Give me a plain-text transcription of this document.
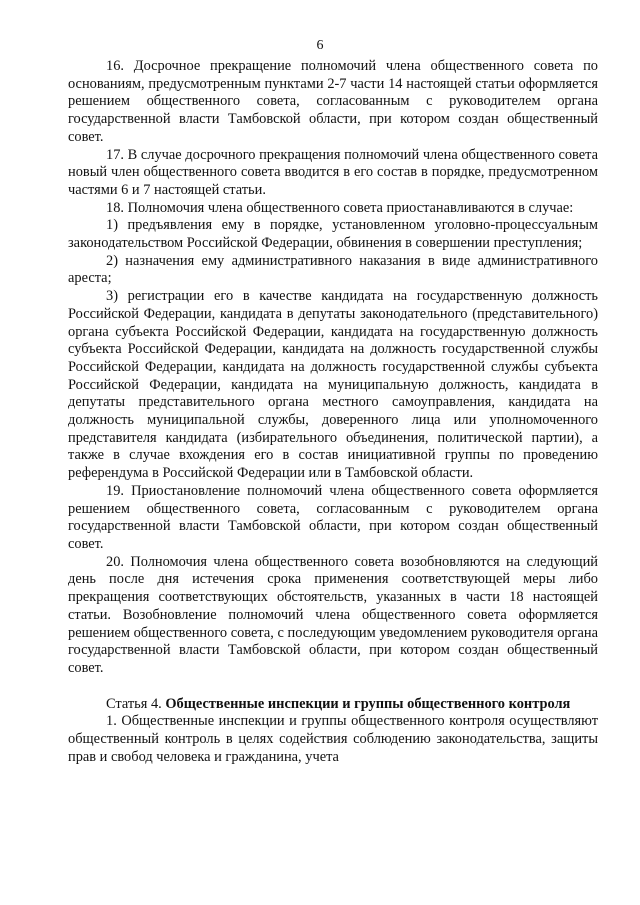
6

16. Досрочное прекращение полномочий члена общественного совета по основаниям, предусмотренным пунктами 2-7 части 14 настоящей статьи оформляется решением общественного совета, согласованным с руководителем органа государственной власти Тамбовской области, при котором создан общественный совет.

17. В случае досрочного прекращения полномочий члена общественного совета новый член общественного совета вводится в его состав в порядке, предусмотренном частями 6 и 7 настоящей статьи.

18. Полномочия члена общественного совета приостанавливаются в случае:

1) предъявления ему в порядке, установленном уголовно-процессуальным законодательством Российской Федерации, обвинения в совершении преступления;

2) назначения ему административного наказания в виде административного ареста;

3) регистрации его в качестве кандидата на государственную должность Российской Федерации, кандидата в депутаты законодательного (представительного) органа субъекта Российской Федерации, кандидата на государственную должность субъекта Российской Федерации, кандидата на должность государственной службы Российской Федерации, кандидата на должность государственной службы субъекта Российской Федерации, кандидата на муниципальную должность, кандидата в депутаты представительного органа местного самоуправления, кандидата на должность муниципальной службы, доверенного лица или уполномоченного представителя кандидата (избирательного объединения, политической партии), а также в случае вхождения его в состав инициативной группы по проведению референдума в Российской Федерации или в Тамбовской области.

19. Приостановление полномочий члена общественного совета оформляется решением общественного совета, согласованным с руководителем органа государственной власти Тамбовской области, при котором создан общественный совет.

20. Полномочия члена общественного совета возобновляются на следующий день после дня истечения срока применения соответствующей меры либо прекращения соответствующих обстоятельств, указанных в части 18 настоящей статьи. Возобновление полномочий члена общественного совета оформляется решением общественного совета, с последующим уведомлением руководителя органа государственной власти Тамбовской области, при котором создан общественный совет.

Статья 4. Общественные инспекции и группы общественного контроля

1. Общественные инспекции и группы общественного контроля осуществляют общественный контроль в целях содействия соблюдению законодательства, защиты прав и свобод человека и гражданина, учета
